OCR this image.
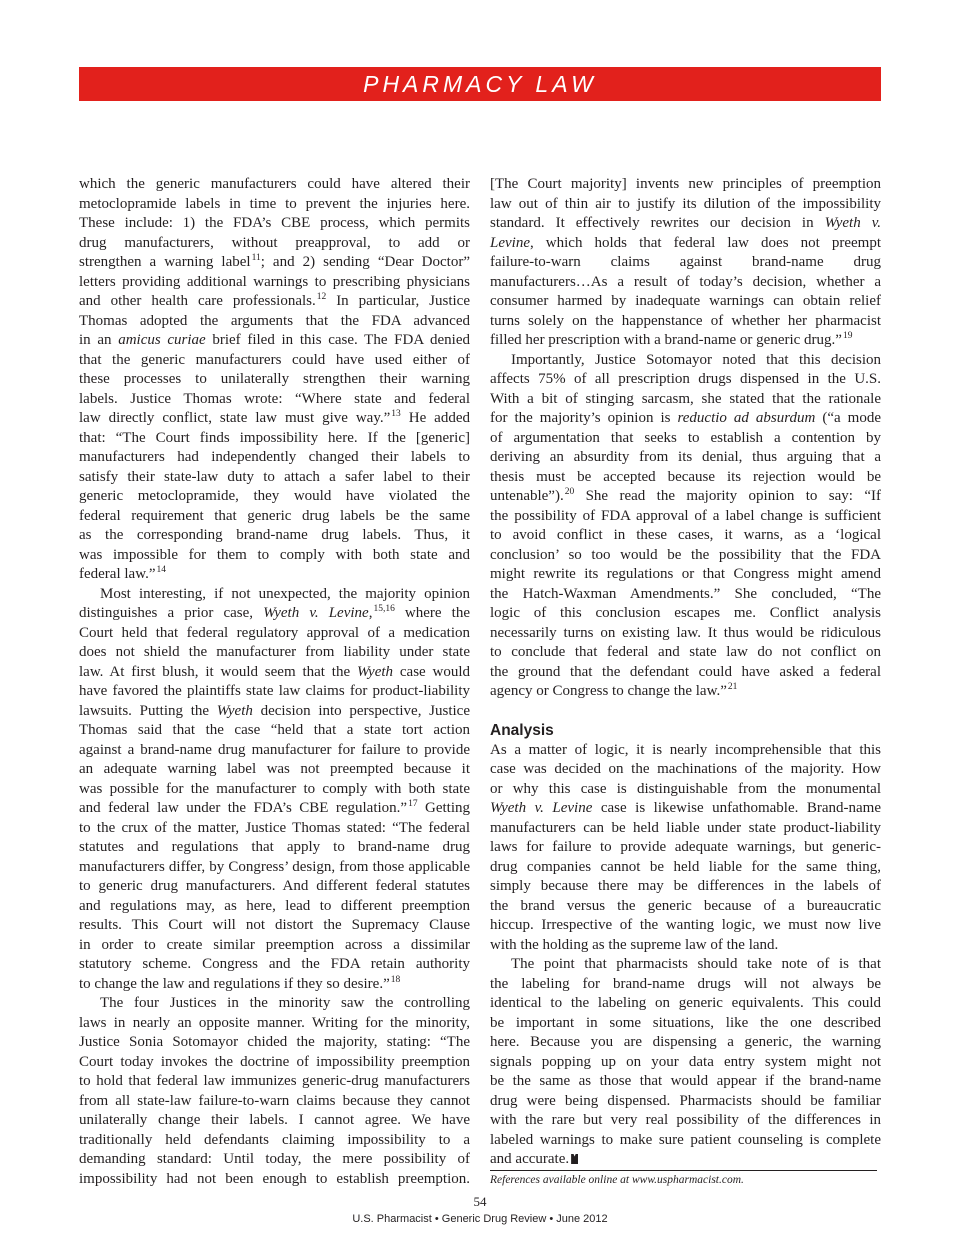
PHARMACY LAW
which the generic manufacturers could have altered their
metoclopramide labels in time to prevent the injuries here.
These include: 1) the FDA’s CBE process, which permits
drug manufacturers, without preapproval, to add or
strengthen a warning label$^{11}$; and 2) sending “Dear Doctor”
letters providing additional warnings to prescribing physicians
and other health care professionals.$^{12}$ In particular, Justice
Thomas adopted the arguments that the FDA advanced
in an amicus curiae brief filed in this case. The FDA denied
that the generic manufacturers could have used either of
these processes to unilaterally strengthen their warning
labels. Justice Thomas wrote: “Where state and federal
law directly conflict, state law must give way.”$^{13}$ He added
that: “The Court finds impossibility here. If the [generic]
manufacturers had independently changed their labels to
satisfy their state-law duty to attach a safer label to their
generic metoclopramide, they would have violated the
federal requirement that generic drug labels be the same
as the corresponding brand-name drug labels. Thus, it
was impossible for them to comply with both state and
federal law.”$^{14}$
Most interesting, if not unexpected, the majority opinion
distinguishes a prior case, Wyeth v. Levine,$^{15,16}$ where the
Court held that federal regulatory approval of a medication
does not shield the manufacturer from liability under state
law. At first blush, it would seem that the Wyeth case would
have favored the plaintiffs state law claims for product-liability
lawsuits. Putting the Wyeth decision into perspective, Justice
Thomas said that the case “held that a state tort action
against a brand-name drug manufacturer for failure to provide
an adequate warning label was not preempted because it
was possible for the manufacturer to comply with both state
and federal law under the FDA’s CBE regulation.”$^{17}$ Getting
to the crux of the matter, Justice Thomas stated: “The federal
statutes and regulations that apply to brand-name drug
manufacturers differ, by Congress’ design, from those applicable
to generic drug manufacturers. And different federal statutes
and regulations may, as here, lead to different preemption
results. This Court will not distort the Supremacy Clause
in order to create similar preemption across a dissimilar
statutory scheme. Congress and the FDA retain authority
to change the law and regulations if they so desire.”$^{18}$
The four Justices in the minority saw the controlling
laws in nearly an opposite manner. Writing for the minority,
Justice Sonia Sotomayor chided the majority, stating: “The
Court today invokes the doctrine of impossibility preemption
to hold that federal law immunizes generic-drug manufacturers
from all state-law failure-to-warn claims because they cannot
unilaterally change their labels. I cannot agree. We have
traditionally held defendants claiming impossibility to a
demanding standard: Until today, the mere possibility of
impossibility had not been enough to establish preemption.
[The Court majority] invents new principles of preemption
law out of thin air to justify its dilution of the impossibility
standard. It effectively rewrites our decision in Wyeth v.
Levine, which holds that federal law does not preempt
failure-to-warn claims against brand-name drug
manufacturers…As a result of today’s decision, whether a
consumer harmed by inadequate warnings can obtain relief
turns solely on the happenstance of whether her pharmacist
filled her prescription with a brand-name or generic drug.”$^{19}$
Importantly, Justice Sotomayor noted that this decision
affects 75% of all prescription drugs dispensed in the U.S.
With a bit of stinging sarcasm, she stated that the rationale
for the majority’s opinion is reductio ad absurdum (“a mode
of argumentation that seeks to establish a contention by
deriving an absurdity from its denial, thus arguing that a
thesis must be accepted because its rejection would be
untenable”).$^{20}$ She read the majority opinion to say: “If
the possibility of FDA approval of a label change is sufficient
to avoid conflict in these cases, it warns, as a ‘logical
conclusion’ so too would be the possibility that the FDA
might rewrite its regulations or that Congress might amend
the Hatch-Waxman Amendments.” She concluded, “The
logic of this conclusion escapes me. Conflict analysis
necessarily turns on existing law. It thus would be ridiculous
to conclude that federal and state law do not conflict on
the ground that the defendant could have asked a federal
agency or Congress to change the law.”$^{21}$
Analysis
As a matter of logic, it is nearly incomprehensible that this
case was decided on the machinations of the majority. How
or why this case is distinguishable from the monumental
Wyeth v. Levine case is likewise unfathomable. Brand-name
manufacturers can be held liable under state product-liability
laws for failure to provide adequate warnings, but generic-
drug companies cannot be held liable for the same thing,
simply because there may be differences in the labels of
the brand versus the generic because of a bureaucratic
hiccup. Irrespective of the wanting logic, we must now live
with the holding as the supreme law of the land.
The point that pharmacists should take note of is that
the labeling for brand-name drugs will not always be
identical to the labeling on generic equivalents. This could
be important in some situations, like the one described
here. Because you are dispensing a generic, the warning
signals popping up on your data entry system might not
be the same as those that would appear if the brand-name
drug were being dispensed. Pharmacists should be familiar
with the rare but very real possibility of the differences in
labeled warnings to make sure patient counseling is complete
and accurate.
References available online at www.uspharmacist.com.
54
U.S. Pharmacist • Generic Drug Review • June 2012
